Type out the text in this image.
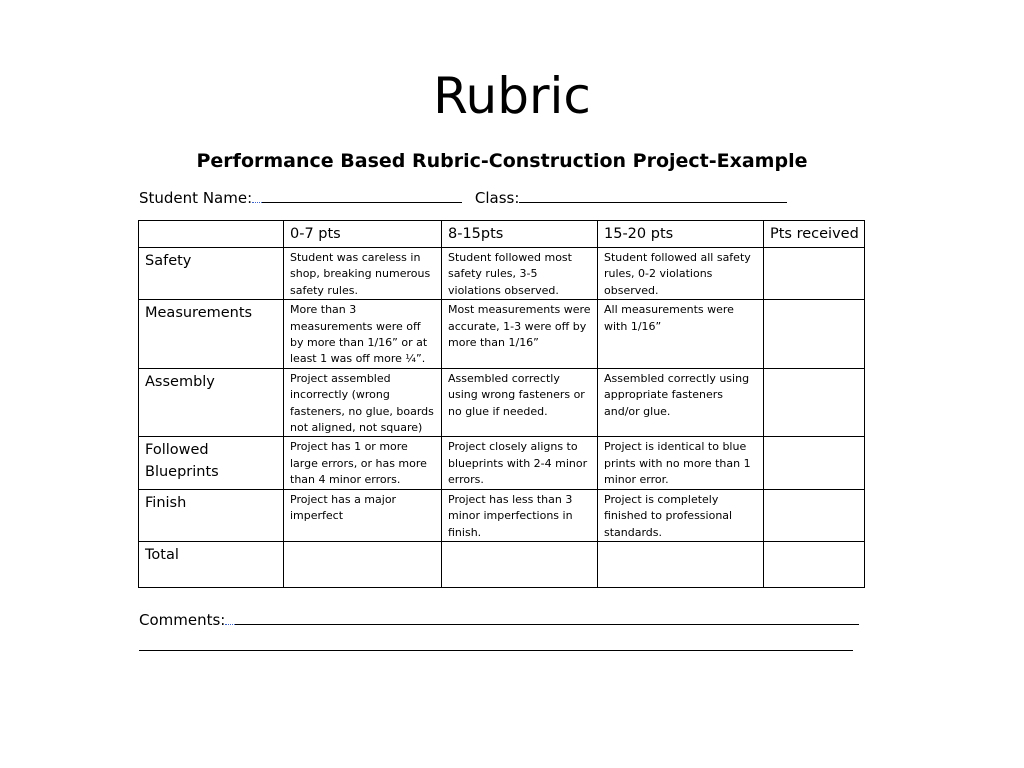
Rubric
Performance Based Rubric-Construction Project-Example
Student Name:	Class:
	0-7 pts	8-15pts	15-20 pts	Pts received
Safety	Student was careless in shop, breaking numerous safety rules.	Student followed most safety rules, 3-5 violations observed.	Student followed all safety rules, 0-2 violations observed.	
Measurements	More than 3 measurements were off by more than 1/16” or at least 1 was off more ¼”.	Most measurements were accurate, 1-3 were off by more than 1/16”	All measurements were with 1/16”	
Assembly	Project assembled incorrectly (wrong fasteners, no glue, boards not aligned, not square)	Assembled correctly using wrong fasteners or no glue if needed.	Assembled correctly using appropriate fasteners and/or glue.	
Followed Blueprints	Project has 1 or more large errors, or has more than 4 minor errors.	Project closely aligns to blueprints with 2-4 minor errors.	Project is identical to blue prints with no more than 1 minor error.	
Finish	Project has a major imperfect	Project has less than 3 minor imperfections in finish.	Project is completely finished to professional standards.	
Total				
Comments:
